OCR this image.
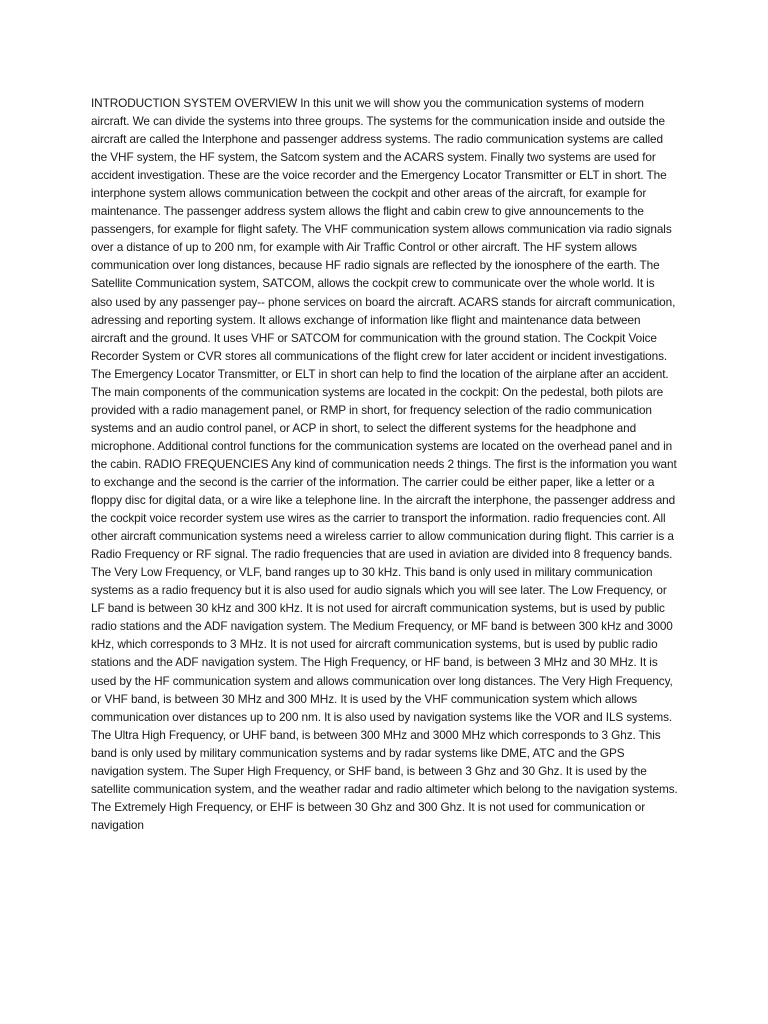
INTRODUCTION SYSTEM OVERVIEW In this unit we will show you the communication systems of modern aircraft. We can divide the systems into three groups. The systems for the communication inside and outside the aircraft are called the Interphone and passenger address systems. The radio communication systems are called the VHF system, the HF system, the Satcom system and the ACARS system. Finally two systems are used for accident investigation. These are the voice recorder and the Emergency Locator Transmitter or ELT in short. The interphone system allows communication between the cockpit and other areas of the aircraft, for example for maintenance. The passenger address system allows the flight and cabin crew to give announcements to the passengers, for example for flight safety. The VHF communication system allows communication via radio signals over a distance of up to 200 nm, for example with Air Traffic Control or other aircraft. The HF system allows communication over long distances, because HF radio signals are reflected by the ionosphere of the earth. The Satellite Communication system, SATCOM, allows the cockpit crew to communicate over the whole world. It is also used by any passenger pay-- phone services on board the aircraft. ACARS stands for aircraft communication, adressing and reporting system. It allows exchange of information like flight and maintenance data between aircraft and the ground. It uses VHF or SATCOM for communication with the ground station. The Cockpit Voice Recorder System or CVR stores all communications of the flight crew for later accident or incident investigations. The Emergency Locator Transmitter, or ELT in short can help to find the location of the airplane after an accident. The main components of the communication systems are located in the cockpit: On the pedestal, both pilots are provided with a radio management panel, or RMP in short, for frequency selection of the radio communication systems and an audio control panel, or ACP in short, to select the different systems for the headphone and microphone. Additional control functions for the communication systems are located on the overhead panel and in the cabin. RADIO FREQUENCIES Any kind of communication needs 2 things. The first is the information you want to exchange and the second is the carrier of the information. The carrier could be either paper, like a letter or a floppy disc for digital data, or a wire like a telephone line. In the aircraft the interphone, the passenger address and the cockpit voice recorder system use wires as the carrier to transport the information. radio frequencies cont. All other aircraft communication systems need a wireless carrier to allow communication during flight. This carrier is a Radio Frequency or RF signal. The radio frequencies that are used in aviation are divided into 8 frequency bands. The Very Low Frequency, or VLF, band ranges up to 30 kHz. This band is only used in military communication systems as a radio frequency but it is also used for audio signals which you will see later. The Low Frequency, or LF band is between 30 kHz and 300 kHz. It is not used for aircraft communication systems, but is used by public radio stations and the ADF navigation system. The Medium Frequency, or MF band is between 300 kHz and 3000 kHz, which corresponds to 3 MHz. It is not used for aircraft communication systems, but is used by public radio stations and the ADF navigation system. The High Frequency, or HF band, is between 3 MHz and 30 MHz. It is used by the HF communication system and allows communication over long distances. The Very High Frequency, or VHF band, is between 30 MHz and 300 MHz. It is used by the VHF communication system which allows communication over distances up to 200 nm. It is also used by navigation systems like the VOR and ILS systems. The Ultra High Frequency, or UHF band, is between 300 MHz and 3000 MHz which corresponds to 3 Ghz. This band is only used by military communication systems and by radar systems like DME, ATC and the GPS navigation system. The Super High Frequency, or SHF band, is between 3 Ghz and 30 Ghz. It is used by the satellite communication system, and the weather radar and radio altimeter which belong to the navigation systems. The Extremely High Frequency, or EHF is between 30 Ghz and 300 Ghz. It is not used for communication or navigation
